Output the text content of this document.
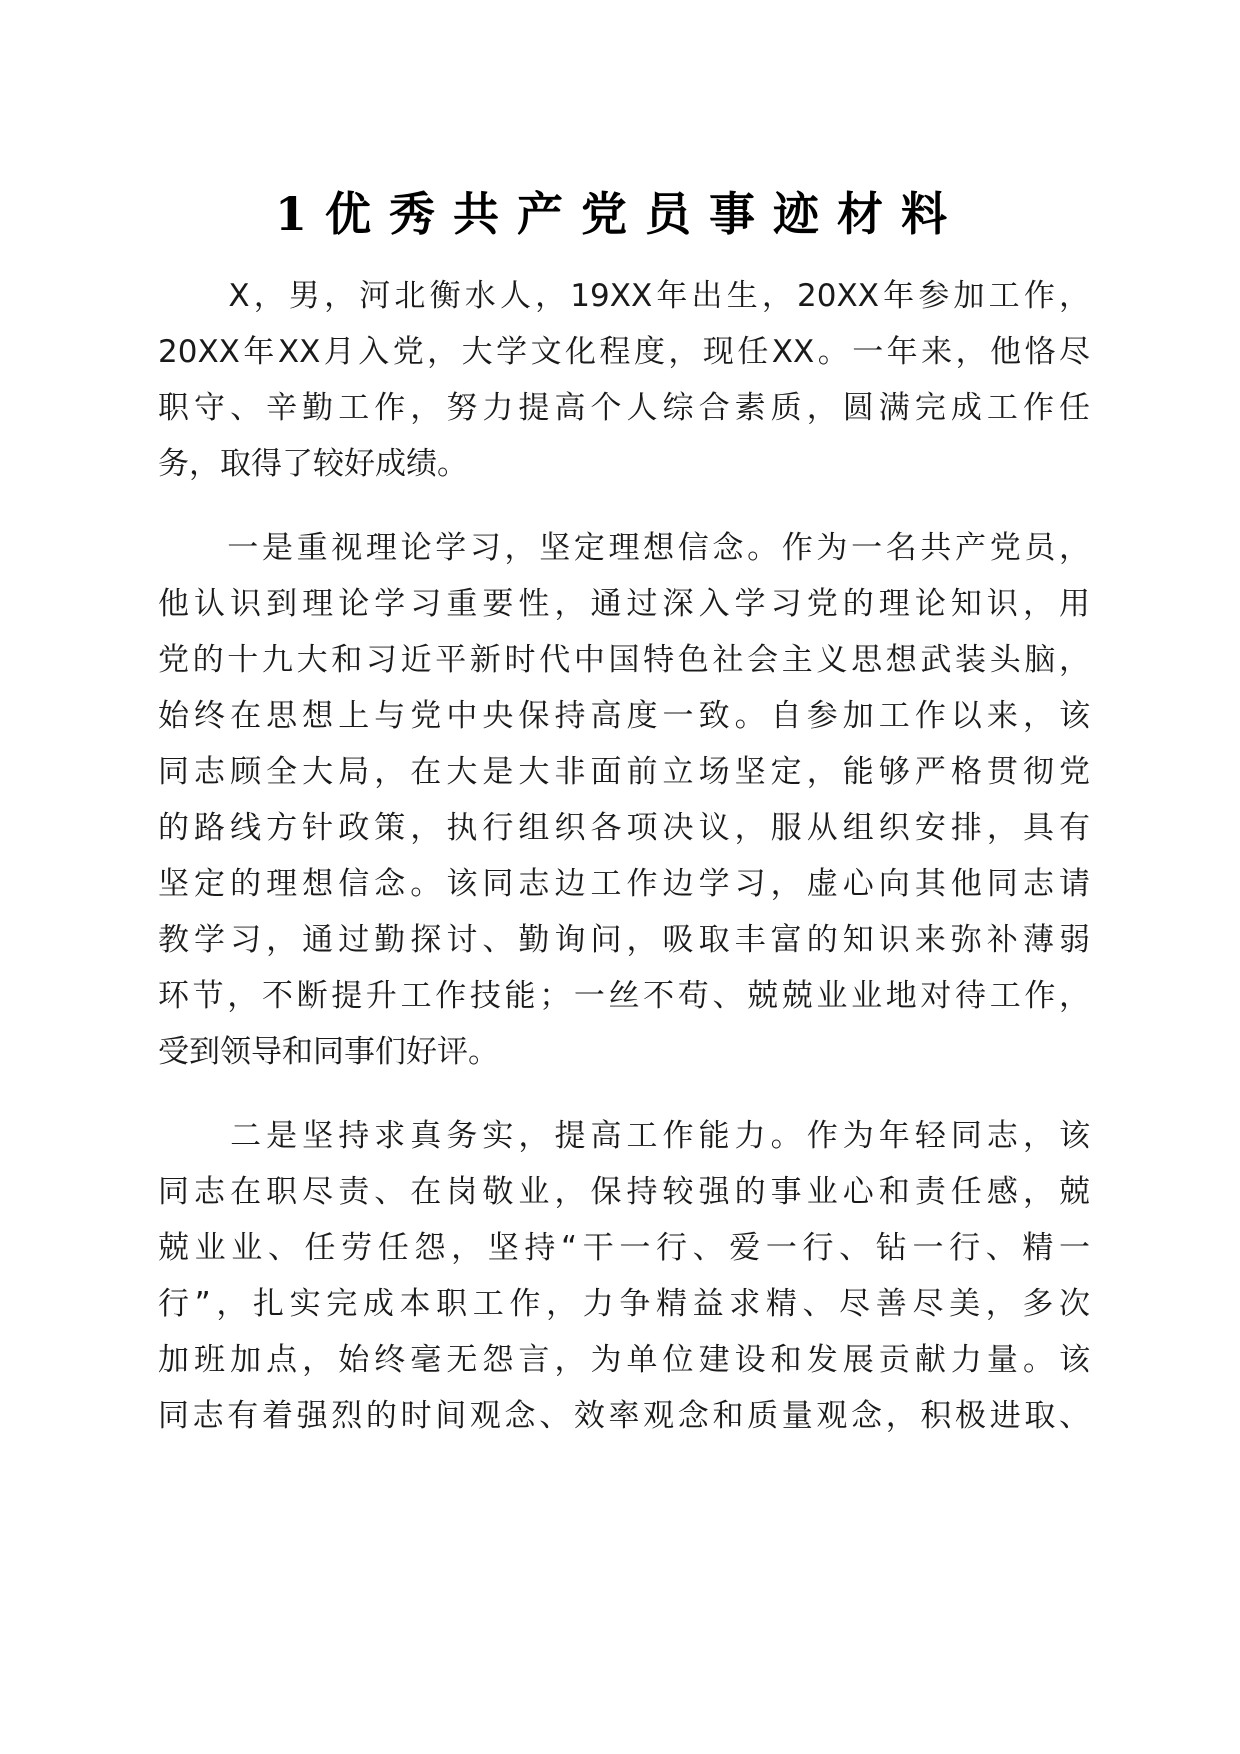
1优秀共产党员事迹材料
　　X，男，河北衡水人，19XX年出生，20XX年参加工作，
20XX年XX月入党，大学文化程度，现任XX。一年来，他恪尽
职守、辛勤工作，努力提高个人综合素质，圆满完成工作任
务，取得了较好成绩。
　　一是重视理论学习，坚定理想信念。作为一名共产党员，
他认识到理论学习重要性，通过深入学习党的理论知识，用
党的十九大和习近平新时代中国特色社会主义思想武装头脑，
始终在思想上与党中央保持高度一致。自参加工作以来，该
同志顾全大局，在大是大非面前立场坚定，能够严格贯彻党
的路线方针政策，执行组织各项决议，服从组织安排，具有
坚定的理想信念。该同志边工作边学习，虚心向其他同志请
教学习，通过勤探讨、勤询问，吸取丰富的知识来弥补薄弱
环节，不断提升工作技能；一丝不苟、兢兢业业地对待工作，
受到领导和同事们好评。
　　二是坚持求真务实，提高工作能力。作为年轻同志，该
同志在职尽责、在岗敬业，保持较强的事业心和责任感，兢
兢业业、任劳任怨，坚持“干一行、爱一行、钻一行、精一
行”，扎实完成本职工作，力争精益求精、尽善尽美，多次
加班加点，始终毫无怨言，为单位建设和发展贡献力量。该
同志有着强烈的时间观念、效率观念和质量观念，积极进取、
